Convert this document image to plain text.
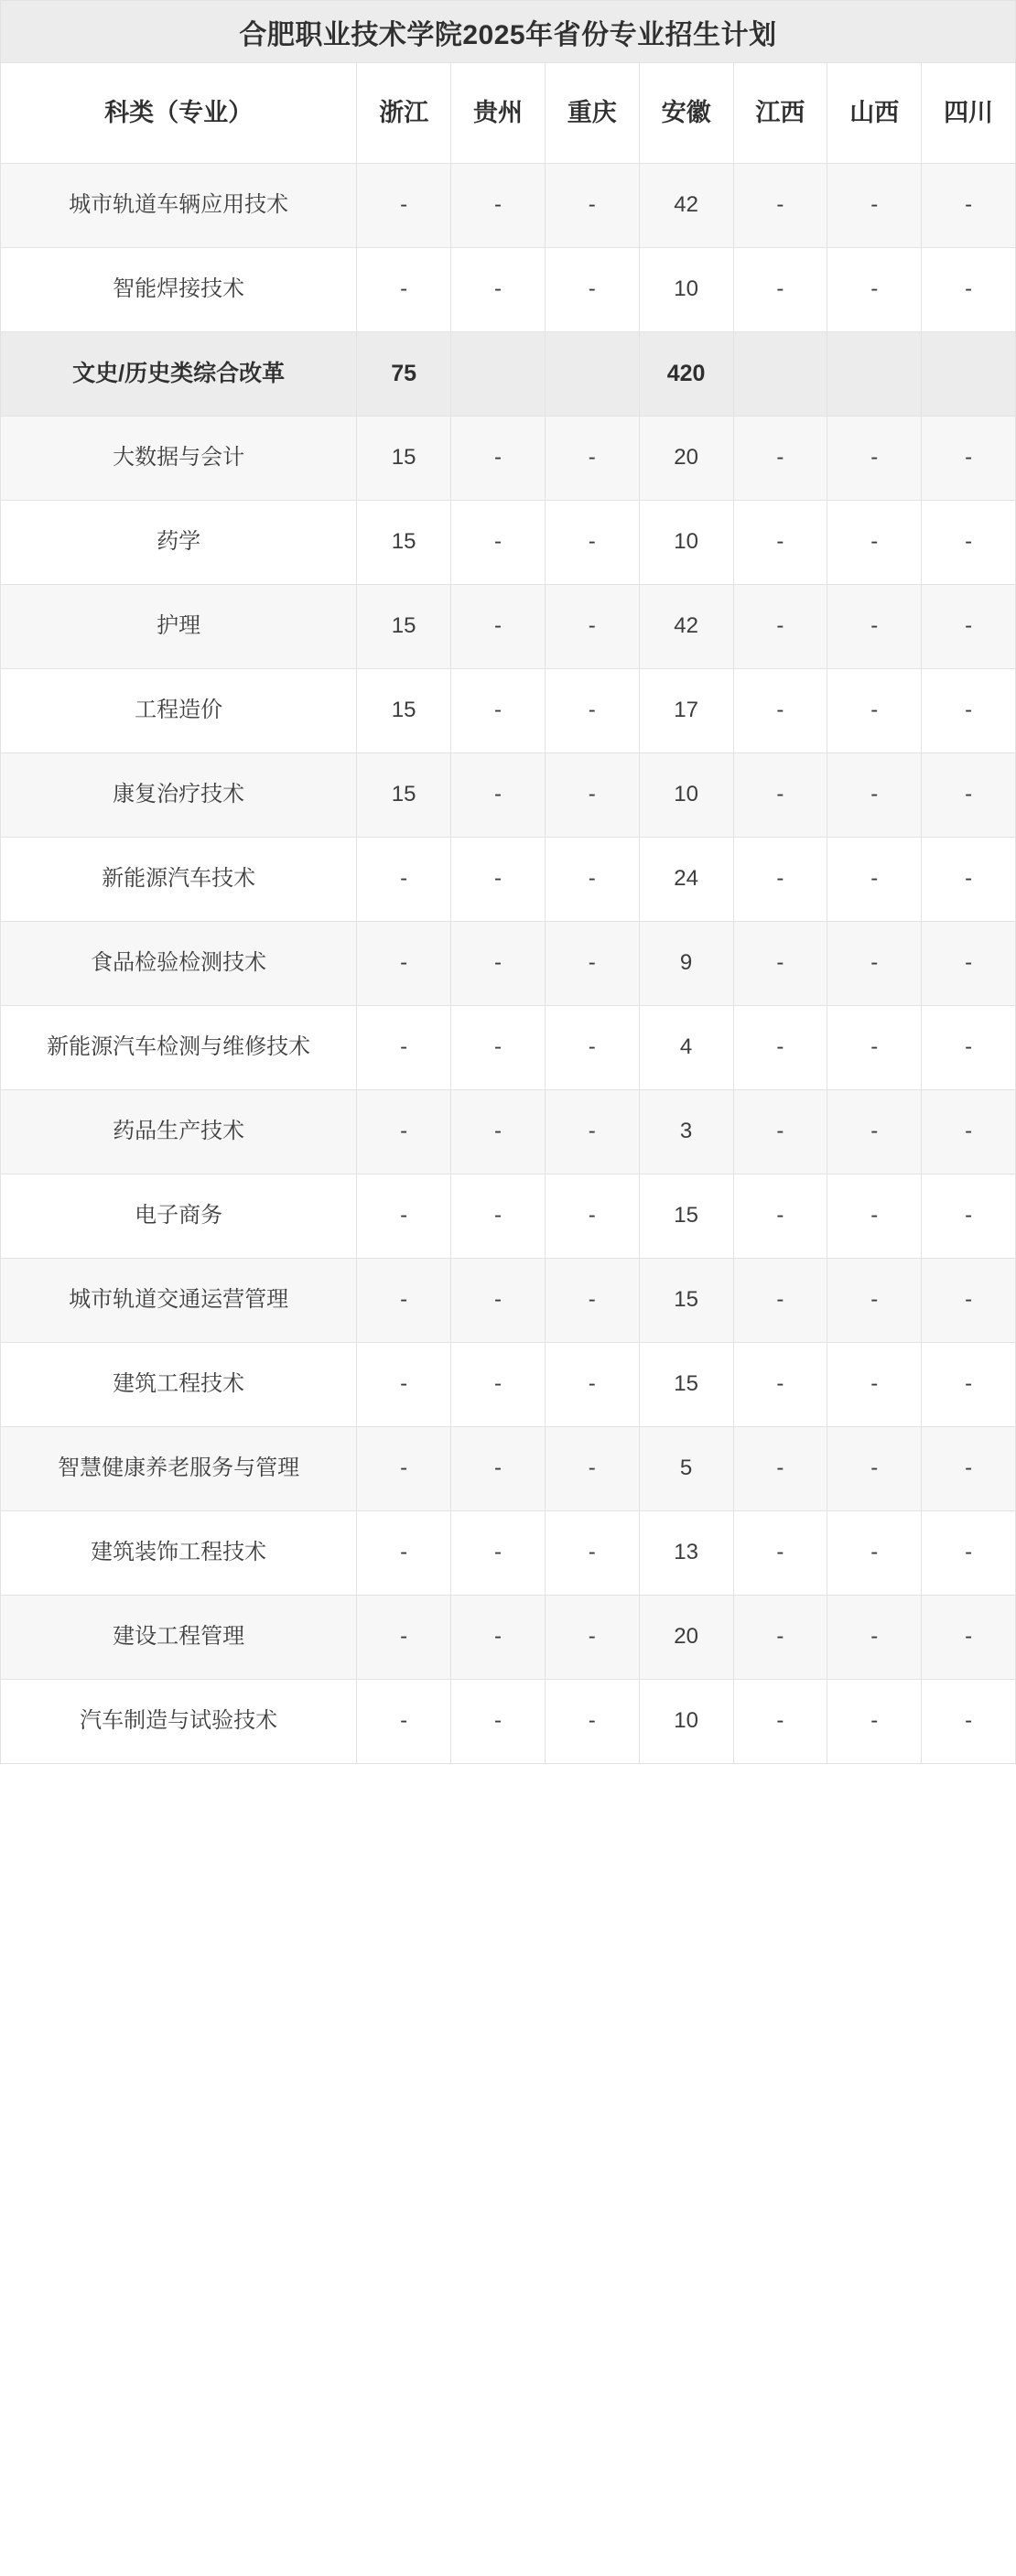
合肥职业技术学院2025年省份专业招生计划							
科类（专业）	浙江	贵州	重庆	安徽	江西	山西	四川
城市轨道车辆应用技术	-	-	-	42	-	-	-
智能焊接技术	-	-	-	10	-	-	-
文史/历史类综合改革	75			420			
大数据与会计	15	-	-	20	-	-	-
药学	15	-	-	10	-	-	-
护理	15	-	-	42	-	-	-
工程造价	15	-	-	17	-	-	-
康复治疗技术	15	-	-	10	-	-	-
新能源汽车技术	-	-	-	24	-	-	-
食品检验检测技术	-	-	-	9	-	-	-
新能源汽车检测与维修技术	-	-	-	4	-	-	-
药品生产技术	-	-	-	3	-	-	-
电子商务	-	-	-	15	-	-	-
城市轨道交通运营管理	-	-	-	15	-	-	-
建筑工程技术	-	-	-	15	-	-	-
智慧健康养老服务与管理	-	-	-	5	-	-	-
建筑装饰工程技术	-	-	-	13	-	-	-
建设工程管理	-	-	-	20	-	-	-
汽车制造与试验技术	-	-	-	10	-	-	-
